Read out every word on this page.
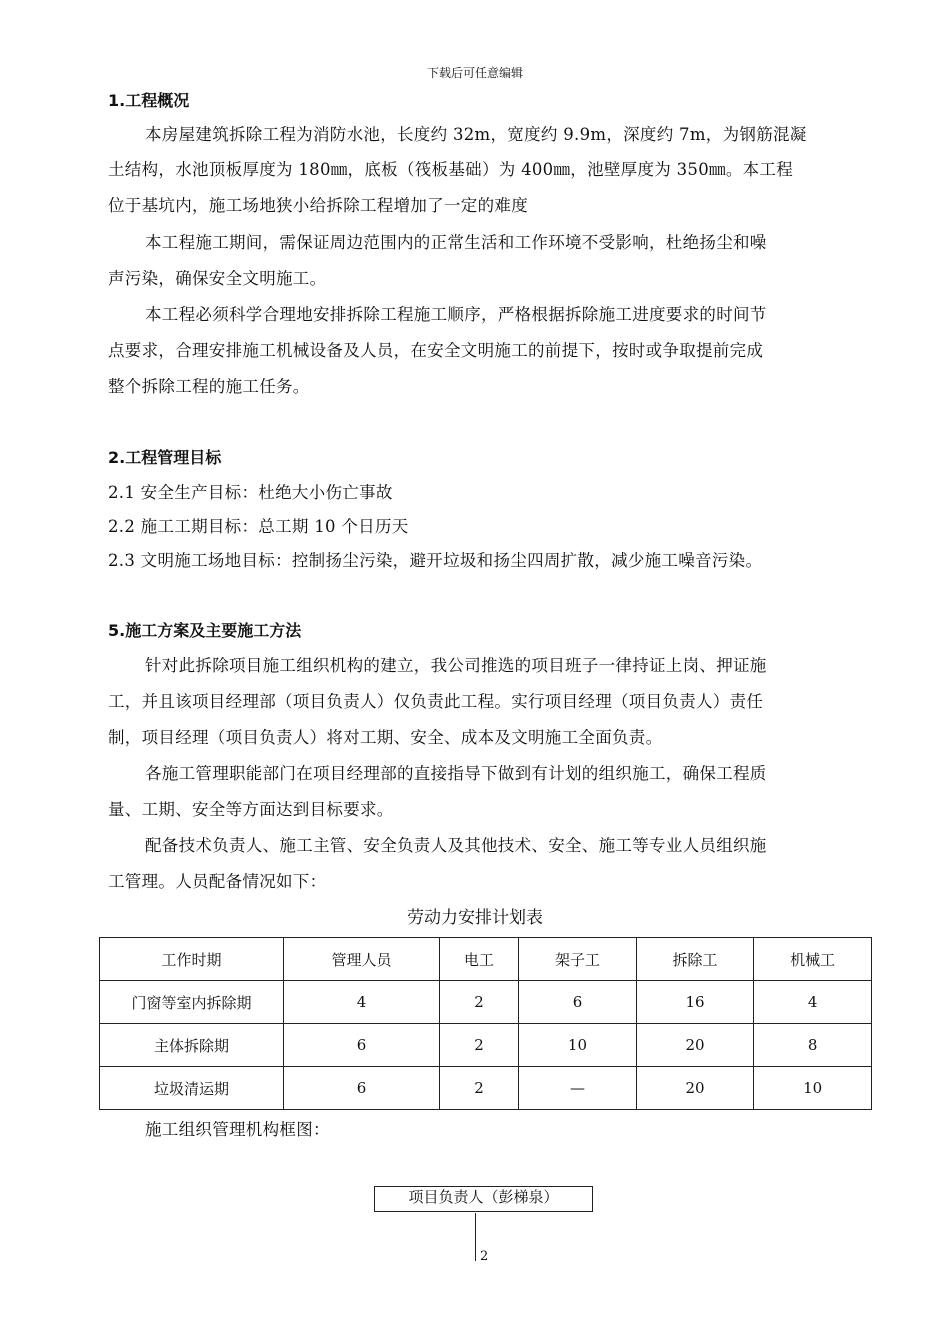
下载后可任意编辑
1.工程概况
本房屋建筑拆除工程为消防水池，长度约 32m，宽度约 9.9m，深度约 7m，为钢筋混凝
土结构，水池顶板厚度为 180㎜，底板（筏板基础）为 400㎜，池壁厚度为 350㎜。本工程
位于基坑内，施工场地狭小给拆除工程增加了一定的难度
本工程施工期间，需保证周边范围内的正常生活和工作环境不受影响，杜绝扬尘和噪
声污染，确保安全文明施工。
本工程必须科学合理地安排拆除工程施工顺序，严格根据拆除施工进度要求的时间节
点要求，合理安排施工机械设备及人员，在安全文明施工的前提下，按时或争取提前完成
整个拆除工程的施工任务。
2.工程管理目标
2.1 安全生产目标：杜绝大小伤亡事故
2.2 施工工期目标：总工期 10 个日历天
2.3 文明施工场地目标：控制扬尘污染，避开垃圾和扬尘四周扩散，减少施工噪音污染。
5.施工方案及主要施工方法
针对此拆除项目施工组织机构的建立，我公司推选的项目班子一律持证上岗、押证施
工，并且该项目经理部（项目负责人）仅负责此工程。实行项目经理（项目负责人）责任
制，项目经理（项目负责人）将对工期、安全、成本及文明施工全面负责。
各施工管理职能部门在项目经理部的直接指导下做到有计划的组织施工，确保工程质
量、工期、安全等方面达到目标要求。
配备技术负责人、施工主管、安全负责人及其他技术、安全、施工等专业人员组织施
工管理。人员配备情况如下：
劳动力安排计划表
工作时期	管理人员	电工	架子工	拆除工	机械工
门窗等室内拆除期	4	2	6	16	4
主体拆除期	6	2	10	20	8
垃圾清运期	6	2	—	20	10
施工组织管理机构框图：
项目负责人（彭梯泉）
2
